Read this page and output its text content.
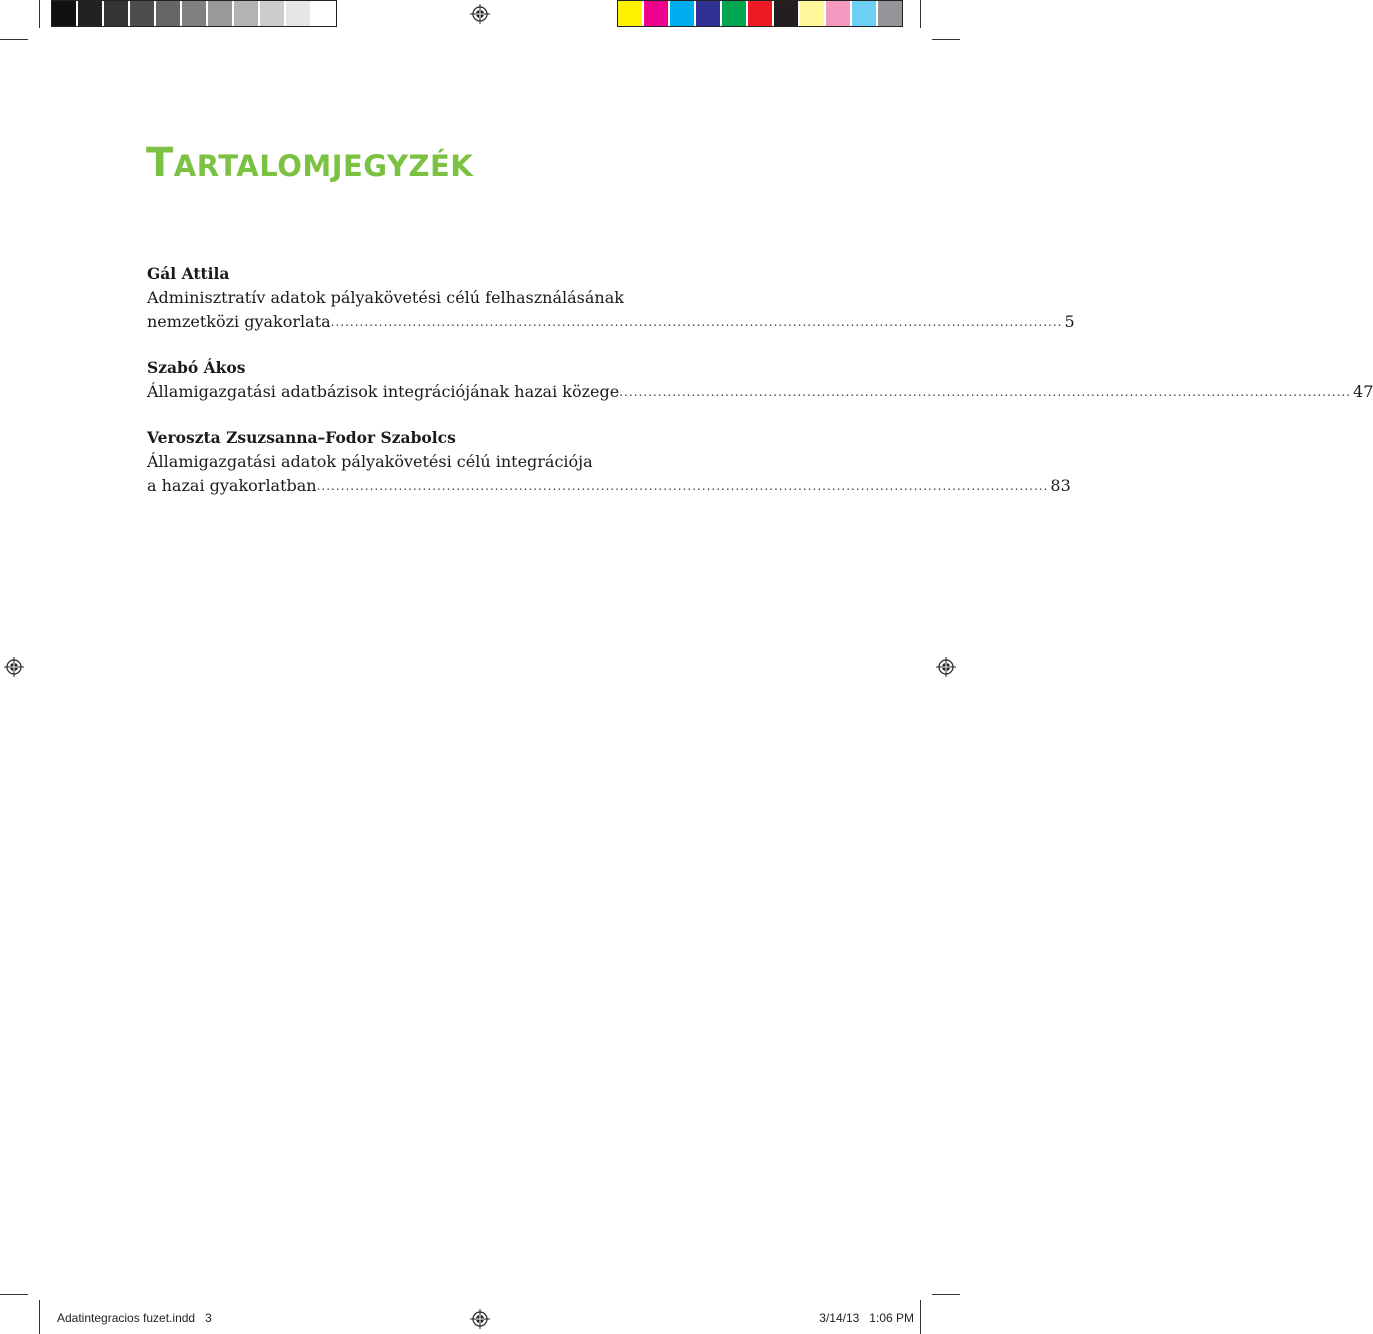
TARTALOMJEGYZÉK
Gál Attila
Adminisztratív adatok pályakövetési célú felhasználásának
nemzetközi gyakorlata ........................................................................................................................................................ 5
Szabó Ákos
Államigazgatási adatbázisok integrációjának hazai közege ........................................................................................................................................................ 47
Veroszta Zsuzsanna–Fodor Szabolcs
Államigazgatási adatok pályakövetési célú integrációja
a hazai gyakorlatban ........................................................................................................................................................ 83
Adatintegracios fuzet.indd   3	3/14/13   1:06 PM
